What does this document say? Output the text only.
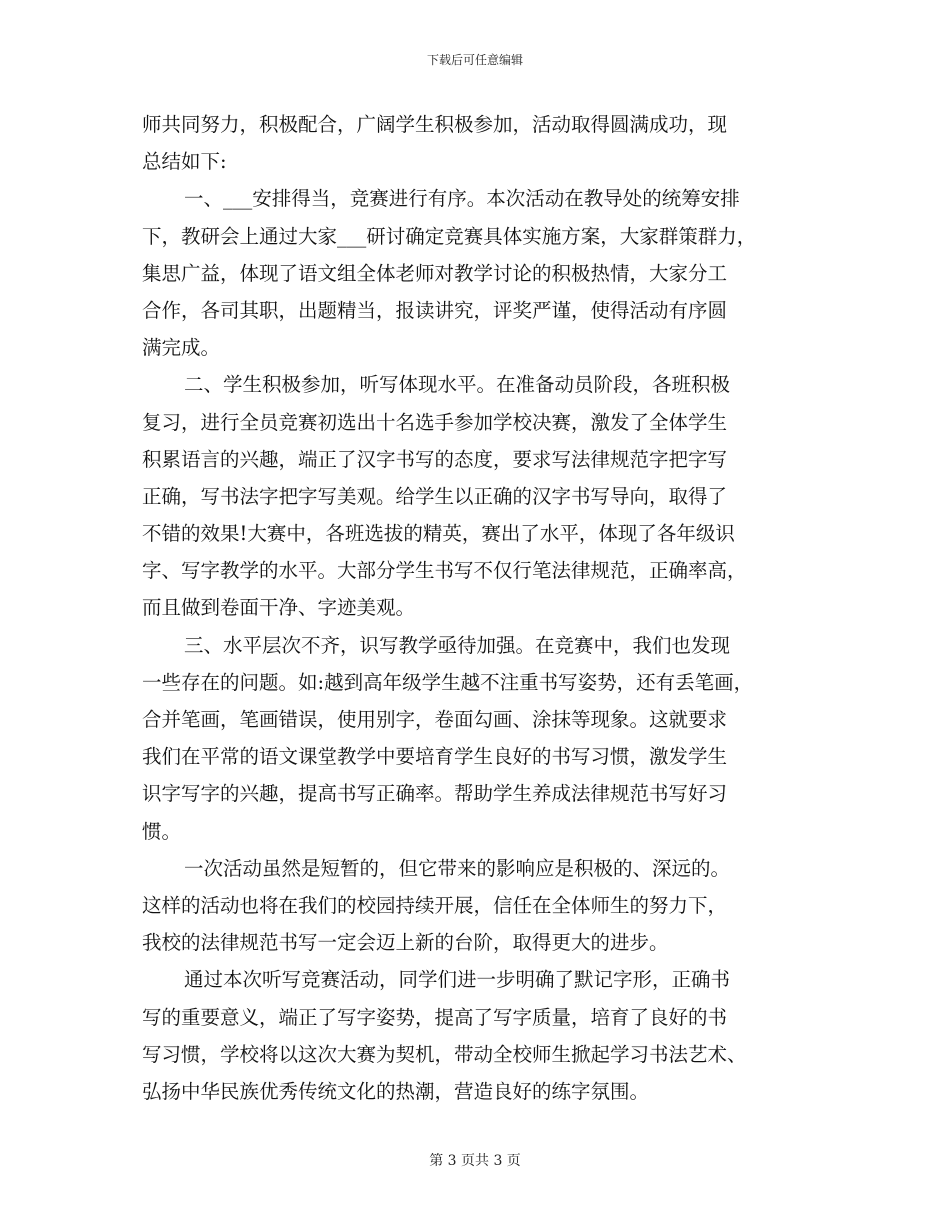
下载后可任意编辑
师共同努力，积极配合，广阔学生积极参加，活动取得圆满成功，现
总结如下:
一、___安排得当，竞赛进行有序。本次活动在教导处的统筹安排
下，教研会上通过大家___研讨确定竞赛具体实施方案，大家群策群力，
集思广益，体现了语文组全体老师对教学讨论的积极热情，大家分工
合作，各司其职，出题精当，报读讲究，评奖严谨，使得活动有序圆
满完成。
二、学生积极参加，听写体现水平。在准备动员阶段，各班积极
复习，进行全员竞赛初选出十名选手参加学校决赛，激发了全体学生
积累语言的兴趣，端正了汉字书写的态度，要求写法律规范字把字写
正确，写书法字把字写美观。给学生以正确的汉字书写导向，取得了
不错的效果!大赛中，各班选拔的精英，赛出了水平，体现了各年级识
字、写字教学的水平。大部分学生书写不仅行笔法律规范，正确率高，
而且做到卷面干净、字迹美观。
三、水平层次不齐，识写教学亟待加强。在竞赛中，我们也发现
一些存在的问题。如:越到高年级学生越不注重书写姿势，还有丢笔画，
合并笔画，笔画错误，使用别字，卷面勾画、涂抹等现象。这就要求
我们在平常的语文课堂教学中要培育学生良好的书写习惯，激发学生
识字写字的兴趣，提高书写正确率。帮助学生养成法律规范书写好习
惯。
一次活动虽然是短暂的，但它带来的影响应是积极的、深远的。
这样的活动也将在我们的校园持续开展，信任在全体师生的努力下，
我校的法律规范书写一定会迈上新的台阶，取得更大的进步。
通过本次听写竞赛活动，同学们进一步明确了默记字形，正确书
写的重要意义，端正了写字姿势，提高了写字质量，培育了良好的书
写习惯，学校将以这次大赛为契机，带动全校师生掀起学习书法艺术、
弘扬中华民族优秀传统文化的热潮，营造良好的练字氛围。
第 3 页共 3 页
